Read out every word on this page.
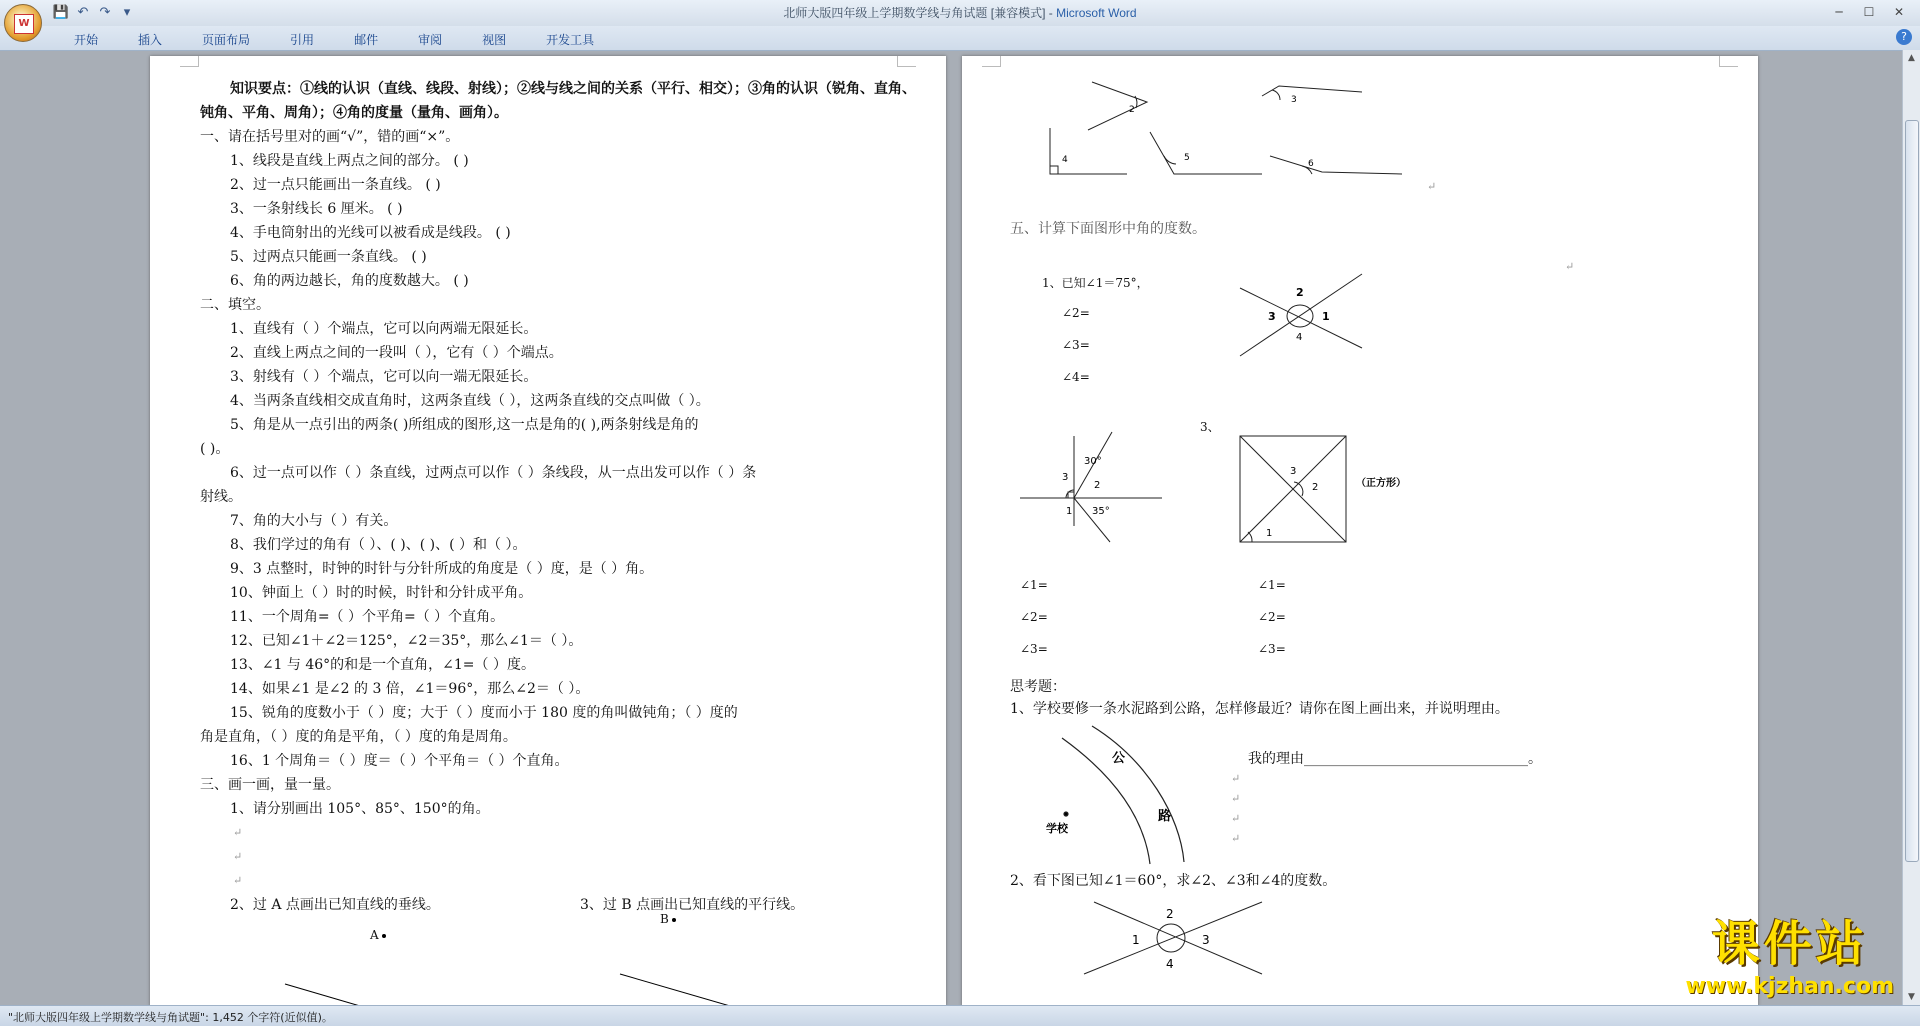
💾 ↶ ↷	▾	北师大版四年级上学期数学线与角试题 [兼容模式] - Microsoft Word	─	☐	✕
W
开始	插入	页面布局	引用	邮件	审阅	视图	开发工具	?
知识要点：①线的认识（直线、线段、射线）；②线与线之间的关系（平行、相交）；③角的认识（锐角、直角、
钝角、平角、周角）；④角的度量（量角、画角）。
一、请在括号里对的画“√”，错的画“×”。
1、线段是直线上两点之间的部分。 ( )
2、过一点只能画出一条直线。 ( )
3、一条射线长 6 厘米。 ( )
4、手电筒射出的光线可以被看成是线段。 ( )
5、过两点只能画一条直线。 ( )
6、角的两边越长，角的度数越大。 ( )
二、填空。
1、直线有（ ）个端点，它可以向两端无限延长。
2、直线上两点之间的一段叫（ ），它有（ ）个端点。
3、射线有（ ）个端点，它可以向一端无限延长。
4、当两条直线相交成直角时，这两条直线（ ），这两条直线的交点叫做（ ）。
5、角是从一点引出的两条( )所组成的图形,这一点是角的( ),两条射线是角的
( )。
6、过一点可以作（ ）条直线，过两点可以作（ ）条线段，从一点出发可以作（ ）条
射线。
7、角的大小与（ ）有关。
8、我们学过的角有（ ）、( )、( )、( ）和（ ）。
9、3 点整时，时钟的时针与分针所成的角度是（ ）度，是（ ）角。
10、钟面上（ ）时的时候，时针和分针成平角。
11、一个周角=（ ）个平角=（ ）个直角。
12、已知∠1＋∠2＝125°，∠2＝35°，那么∠1＝（ ）。
13、∠1 与 46°的和是一个直角，∠1=（ ）度。
14、如果∠1 是∠2 的 3 倍，∠1＝96°，那么∠2＝（ ）。
15、锐角的度数小于（ ）度；大于（ ）度而小于 180 度的角叫做钝角；（ ）度的
角是直角，（ ）度的角是平角，（ ）度的角是周角。
16、1 个周角＝（ ）度＝（ ）个平角＝（ ）个直角。
三、画一画，量一量。
1、请分别画出 105°、85°、150°的角。
↵
↵
↵
2、过 A 点画出已知直线的垂线。	3、过 B 点画出已知直线的平行线。
A
B
2
3
4	5
6
↵
五、计算下面图形中角的度数。
↵
1、已知∠1＝75°，
∠2=
∠3=
∠4=
2
3	1
4
30°
3
2
1 35°
3
2
1
（正方形）
公
路
学校
2
1	3
4
3、
∠1=
∠2=
∠3=
∠1=
∠2=
∠3=
思考题：
1、学校要修一条水泥路到公路，怎样修最近？请你在图上画出来，并说明理由。
我的理由________________________________。
↵
↵
↵
↵
2、看下图已知∠1＝60°，求∠2、∠3和∠4的度数。
▲
▼
"北师大版四年级上学期数学线与角试题": 1,452 个字符(近似值)。
课件站
www.kjzhan.com
